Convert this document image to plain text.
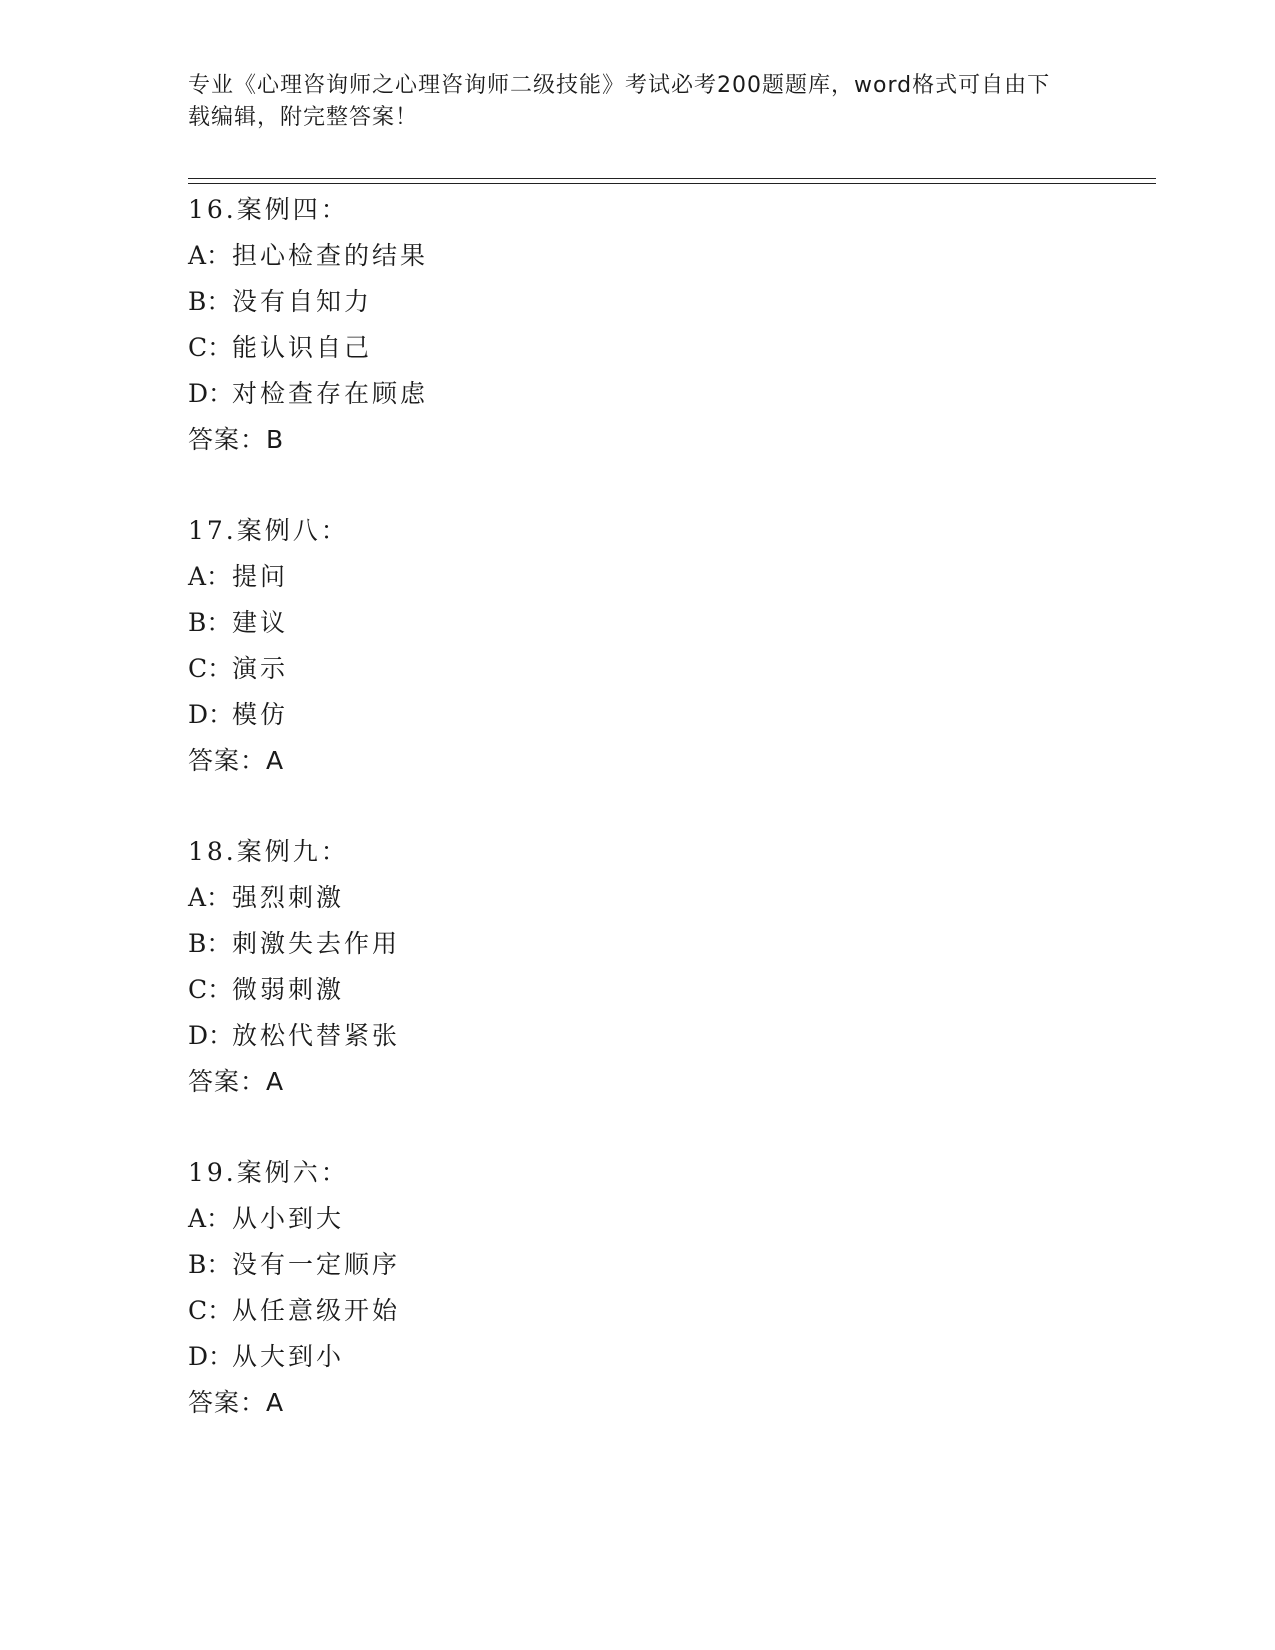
专业《心理咨询师之心理咨询师二级技能》考试必考200题题库，word格式可自由下载编辑，附完整答案！
16.案例四：
A：担心检查的结果
B：没有自知力
C：能认识自己
D：对检查存在顾虑
答案：B
17.案例八：
A：提问
B：建议
C：演示
D：模仿
答案：A
18.案例九：
A：强烈刺激
B：刺激失去作用
C：微弱刺激
D：放松代替紧张
答案：A
19.案例六：
A：从小到大
B：没有一定顺序
C：从任意级开始
D：从大到小
答案：A
